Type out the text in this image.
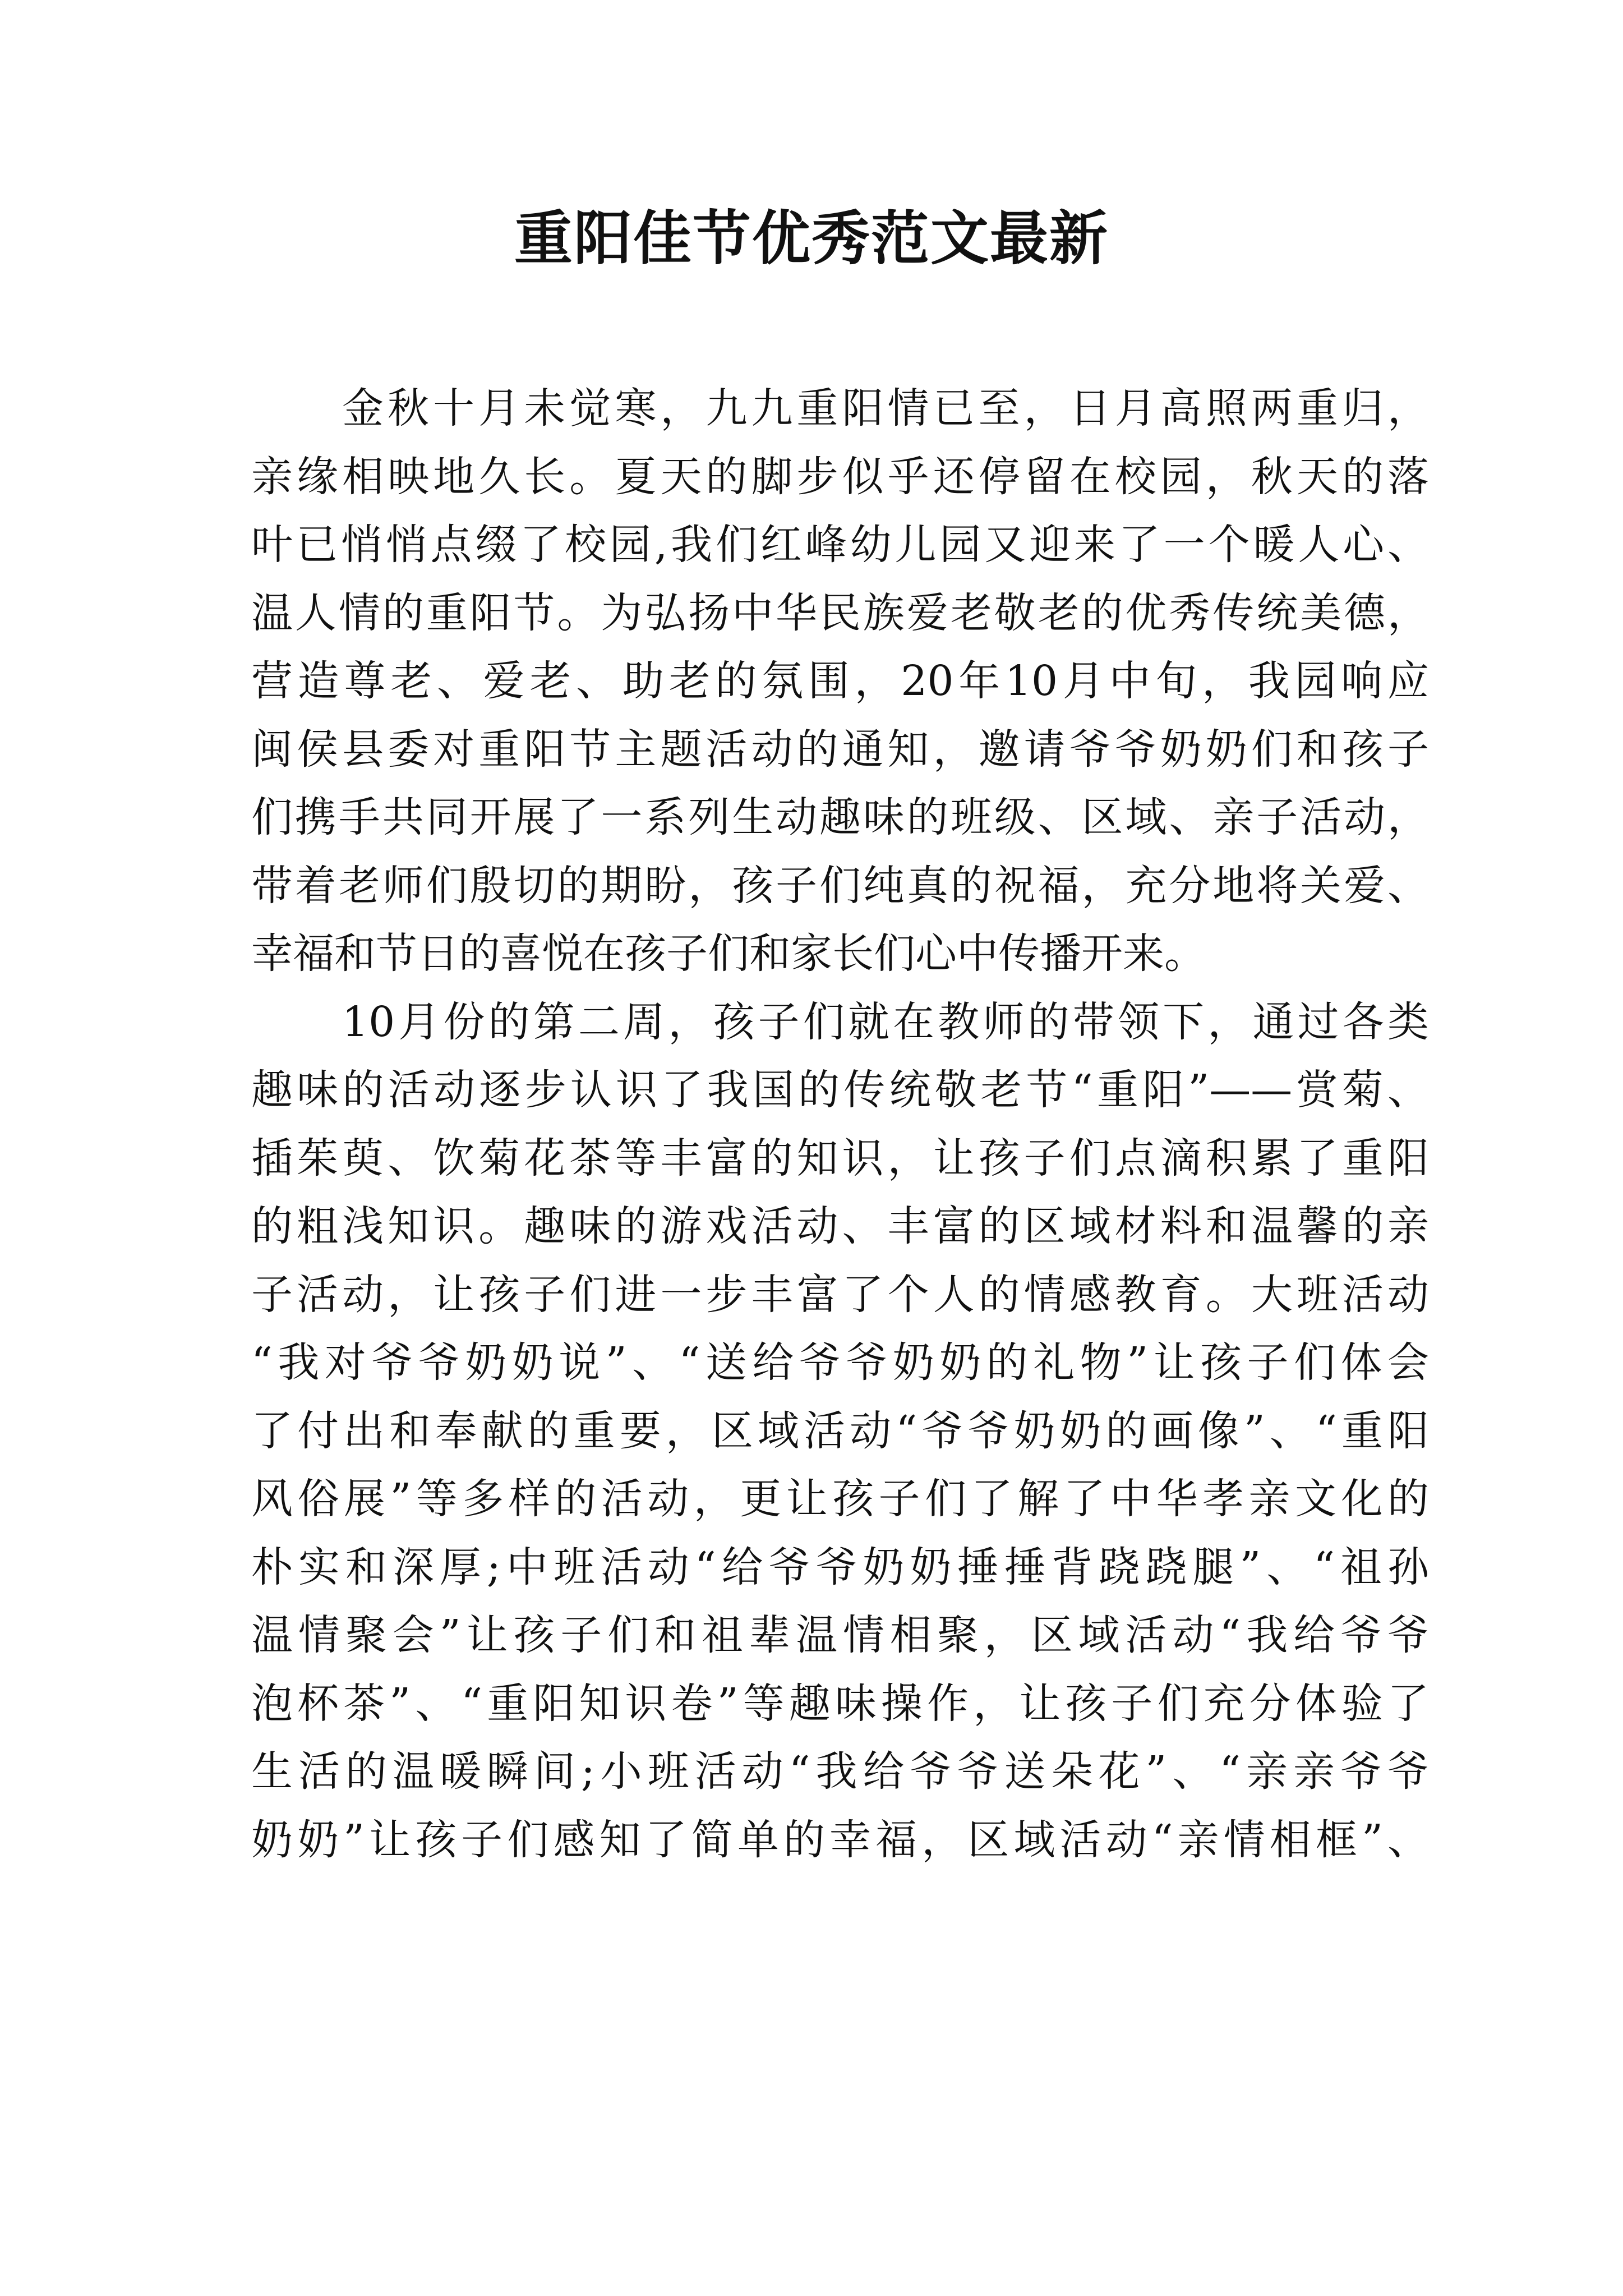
重阳佳节优秀范文最新
金秋十月未觉寒，九九重阳情已至，日月高照两重归，
亲缘相映地久长。夏天的脚步似乎还停留在校园，秋天的落
叶已悄悄点缀了校园,我们红峰幼儿园又迎来了一个暖人心、
温人情的重阳节。为弘扬中华民族爱老敬老的优秀传统美德，
营造尊老、爱老、助老的氛围，20年10月中旬，我园响应
闽侯县委对重阳节主题活动的通知，邀请爷爷奶奶们和孩子
们携手共同开展了一系列生动趣味的班级、区域、亲子活动，
带着老师们殷切的期盼，孩子们纯真的祝福，充分地将关爱、
幸福和节日的喜悦在孩子们和家长们心中传播开来。
10月份的第二周，孩子们就在教师的带领下，通过各类
趣味的活动逐步认识了我国的传统敬老节“重阳”——赏菊、
插茱萸、饮菊花茶等丰富的知识，让孩子们点滴积累了重阳
的粗浅知识。趣味的游戏活动、丰富的区域材料和温馨的亲
子活动，让孩子们进一步丰富了个人的情感教育。大班活动
“我对爷爷奶奶说”、“送给爷爷奶奶的礼物”让孩子们体会
了付出和奉献的重要，区域活动“爷爷奶奶的画像”、“重阳
风俗展”等多样的活动，更让孩子们了解了中华孝亲文化的
朴实和深厚;中班活动“给爷爷奶奶捶捶背跷跷腿”、“祖孙
温情聚会”让孩子们和祖辈温情相聚，区域活动“我给爷爷
泡杯茶”、“重阳知识卷”等趣味操作，让孩子们充分体验了
生活的温暖瞬间;小班活动“我给爷爷送朵花”、“亲亲爷爷
奶奶”让孩子们感知了简单的幸福，区域活动“亲情相框”、
